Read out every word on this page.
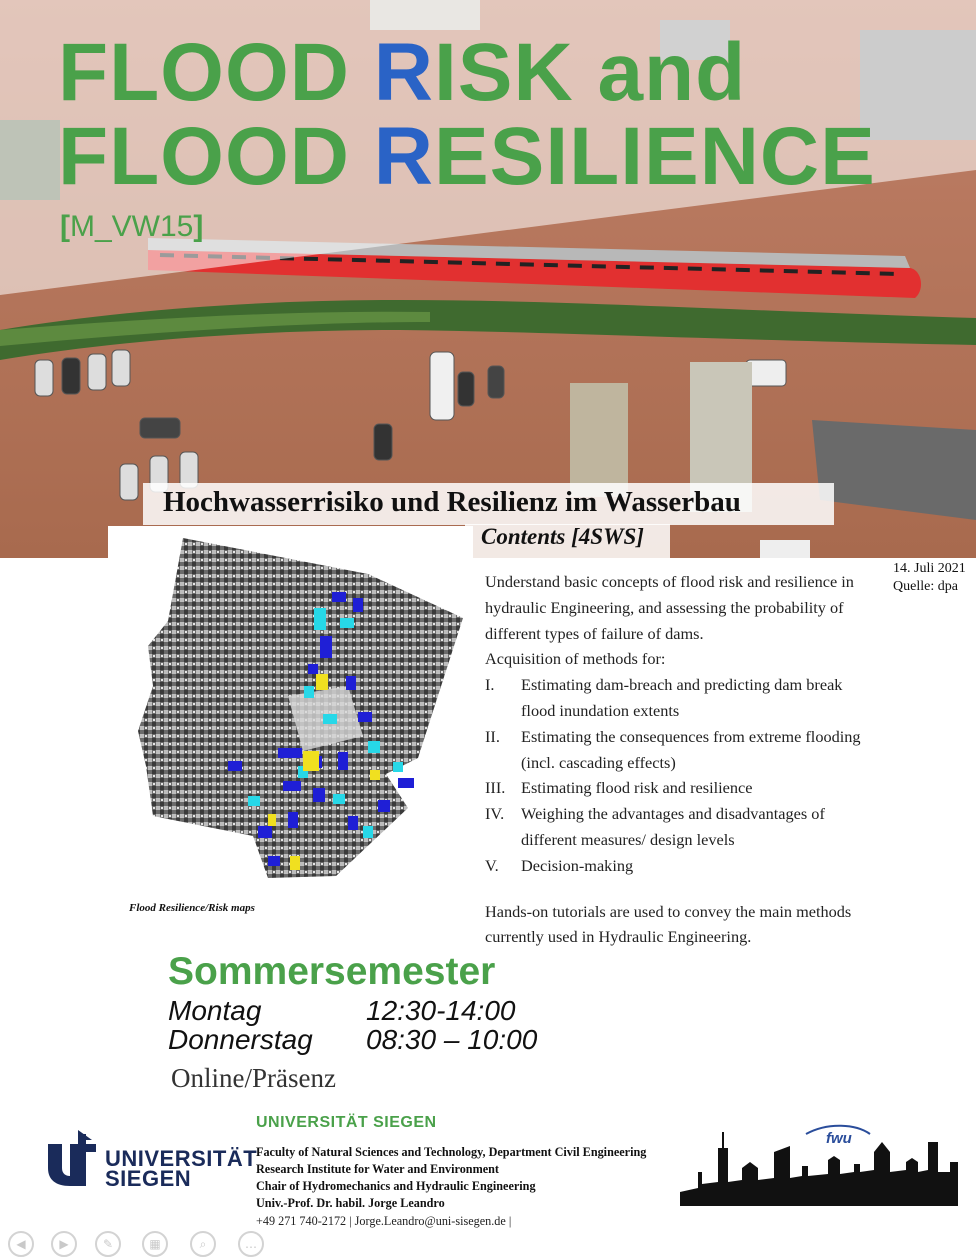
FLOOD RISK and
FLOOD RESILIENCE
[M_VW15]
Hochwasserrisiko und Resilienz im Wasserbau
Contents [4SWS]
14. Juli 2021
Quelle: dpa
Flood Resilience/Risk maps

Understand basic concepts of flood risk and resilience in hydraulic Engineering, and assessing the probability of different types of failure of dams.

Acquisition of methods for:

I.	Estimating dam-breach and predicting dam break flood inundation extents
II.	Estimating the consequences from extreme flooding (incl. cascading effects)
III. Estimating flood risk and resilience
IV.	Weighing the advantages and disadvantages of different measures/ design levels
V.	Decision-making

Hands-on tutorials are used to convey the main methods currently used in Hydraulic Engineering.

Sommersemester
Montag	12:30-14:00
Donnerstag 08:30 – 10:00
Online/Präsenz
UNIVERSITÄT
SIEGEN
UNIVERSITÄT SIEGEN
Faculty of Natural Sciences and Technology, Department Civil Engineering
Research Institute for Water and Environment
Chair of Hydromechanics and Hydraulic Engineering
Univ.-Prof. Dr. habil. Jorge Leandro
+49 271 740-2172 | Jorge.Leandro@uni-sisegen.de |
fwu
◀	▶	✎	▦	⌕	…
